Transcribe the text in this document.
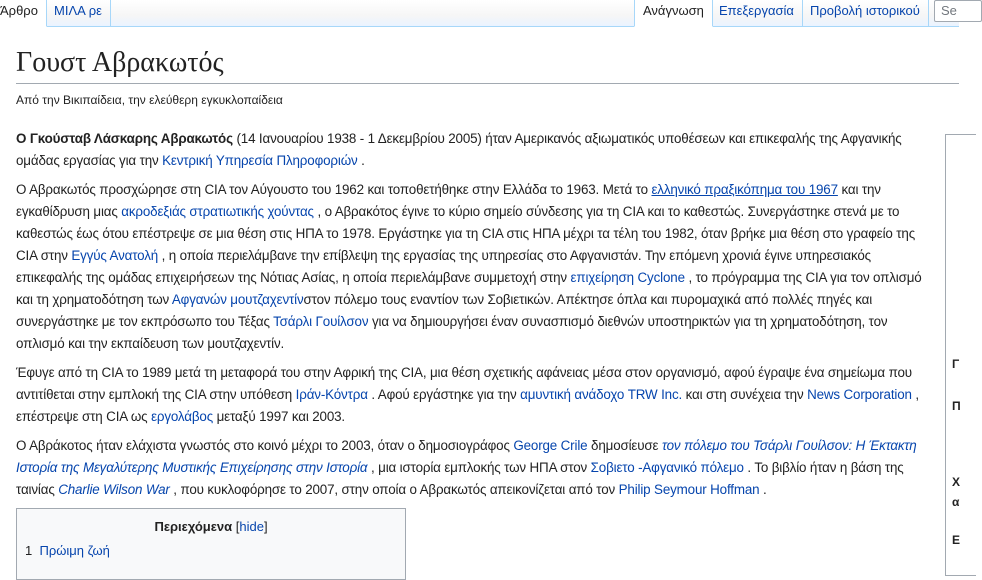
Άρθρο	ΜΙΛΑ ρε	Ανάγνωση	Επεξεργασία	Προβολή ιστορικού	Se
Γουστ Αβρακωτός
Από την Βικιπαίδεια, την ελεύθερη εγκυκλοπαίδεια

Ο Γκούσταβ Λάσκαρης Αβρακωτός (14 Ιανουαρίου 1938 - 1 Δεκεμβρίου 2005) ήταν Αμερικανός αξιωματικός υποθέσεων και επικεφαλής της Αφγανικής ομάδας εργασίας για την Κεντρική Υπηρεσία Πληροφοριών .

Ο Αβρακωτός προσχώρησε στη CIA τον Αύγουστο του 1962 και τοποθετήθηκε στην Ελλάδα το 1963. Μετά το ελληνικό πραξικόπημα του 1967 και την εγκαθίδρυση μιας ακροδεξιάς στρατιωτικής χούντας , ο Αβρακότος έγινε το κύριο σημείο σύνδεσης για τη CIA και το καθεστώς. Συνεργάστηκε στενά με το καθεστώς έως ότου επέστρεψε σε μια θέση στις ΗΠΑ το 1978. Εργάστηκε για τη CIA στις ΗΠΑ μέχρι τα τέλη του 1982, όταν βρήκε μια θέση στο γραφείο της CIA στην Εγγύς Ανατολή , η οποία περιελάμβανε την επίβλεψη της εργασίας της υπηρεσίας στο Αφγανιστάν. Την επόμενη χρονιά έγινε υπηρεσιακός επικεφαλής της ομάδας επιχειρήσεων της Νότιας Ασίας, η οποία περιελάμβανε συμμετοχή στην επιχείρηση Cyclone , το πρόγραμμα της CIA για τον οπλισμό και τη χρηματοδότηση των Αφγανών μουτζαχεντίνστον πόλεμο τους εναντίον των Σοβιετικών. Απέκτησε όπλα και πυρομαχικά από πολλές πηγές και συνεργάστηκε με τον εκπρόσωπο του Τέξας Τσάρλι Γουίλσον για να δημιουργήσει έναν συνασπισμό διεθνών υποστηρικτών για τη χρηματοδότηση, τον οπλισμό και την εκπαίδευση των μουτζαχεντίν.

Έφυγε από τη CIA το 1989 μετά τη μεταφορά του στην Αφρική της CIA, μια θέση σχετικής αφάνειας μέσα στον οργανισμό, αφού έγραψε ένα σημείωμα που αντιτίθεται στην εμπλοκή της CIA στην υπόθεση Ιράν-Κόντρα . Αφού εργάστηκε για την αμυντική ανάδοχο TRW Inc. και στη συνέχεια την News Corporation , επέστρεψε στη CIA ως εργολάβος μεταξύ 1997 και 2003.

Ο Αβράκοτος ήταν ελάχιστα γνωστός στο κοινό μέχρι το 2003, όταν ο δημοσιογράφος George Crile δημοσίευσε τον πόλεμο του Τσάρλι Γουίλσον: Η Έκτακτη Ιστορία της Μεγαλύτερης Μυστικής Επιχείρησης στην Ιστορία , μια ιστορία εμπλοκής των ΗΠΑ στον Σοβιετο -Αφγανικό πόλεμο . Το βιβλίο ήταν η βάση της ταινίας Charlie Wilson War , που κυκλοφόρησε το 2007, στην οποία ο Αβρακωτός απεικονίζεται από τον Philip Seymour Hoffman .

Περιεχόμενα [hide]
1 Πρώιμη ζωή
Γ
Π
Χ
α
Ε
